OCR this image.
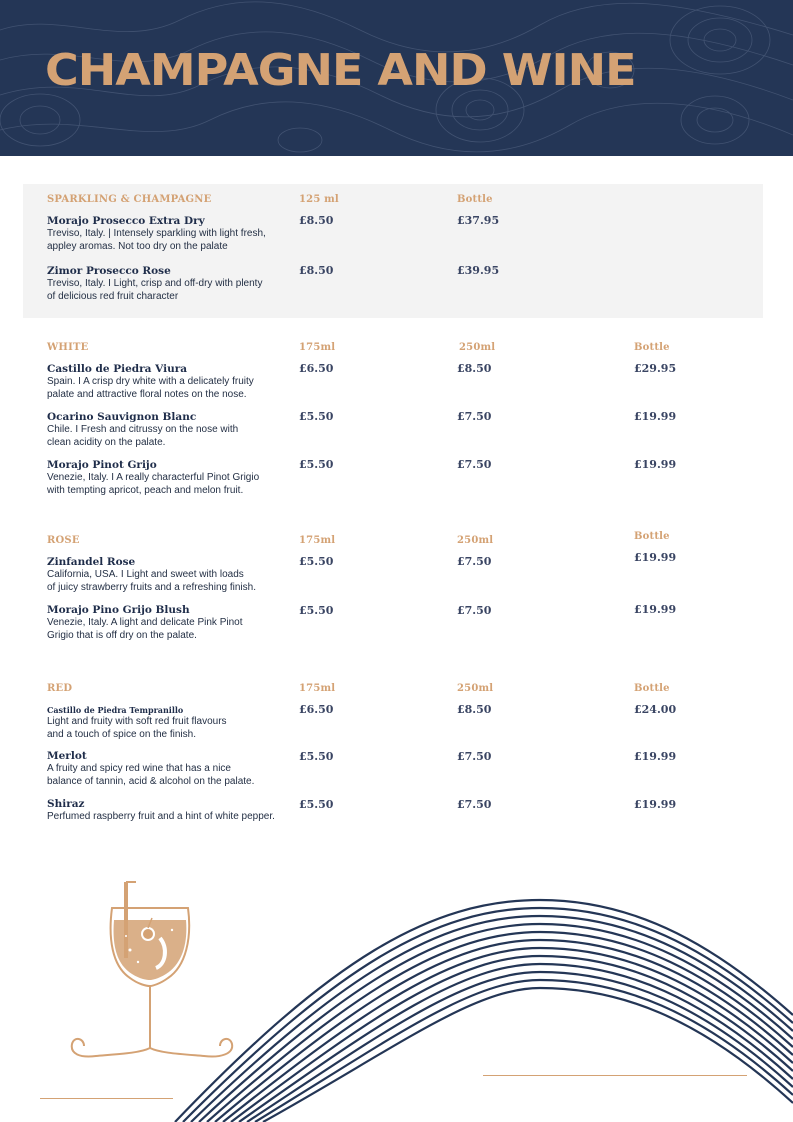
CHAMPAGNE AND WINE
SPARKLING & CHAMPAGNE	125 ml	Bottle
Morajo Prosecco Extra Dry
Treviso, Italy. | Intensely sparkling with light fresh,
appley aromas. Not too dry on the palate
£8.50	£37.95
Zimor Prosecco Rose
Treviso, Italy. I Light, crisp and off-dry with plenty
of delicious red fruit character
£8.50	£39.95
WHITE	175ml	250ml	Bottle
Castillo de Piedra Viura
Spain. I A crisp dry white with a delicately fruity
palate and attractive floral notes on the nose.
£6.50	£8.50	£29.95
Ocarino Sauvignon Blanc
Chile. I Fresh and citrussy on the nose with
clean acidity on the palate.
£5.50	£7.50	£19.99
Morajo Pinot Grijo
Venezie, Italy. I A really characterful Pinot Grigio
with tempting apricot, peach and melon fruit.
£5.50	£7.50	£19.99
ROSE	175ml	250ml	Bottle
Zinfandel Rose
California, USA. I Light and sweet with loads
of juicy strawberry fruits and a refreshing finish.
£5.50	£7.50	£19.99
Morajo Pino Grijo Blush
Venezie, Italy. A light and delicate Pink Pinot
Grigio that is off dry on the palate.
£5.50	£7.50	£19.99
RED	175ml	250ml	Bottle
Castillo de Piedra Tempranillo
Light and fruity with soft red fruit flavours
and a touch of spice on the finish.
£6.50	£8.50	£24.00
Merlot
A fruity and spicy red wine that has a nice
balance of tannin, acid & alcohol on the palate.
£5.50	£7.50	£19.99
Shiraz
Perfumed raspberry fruit and a hint of white pepper.
£5.50	£7.50	£19.99
